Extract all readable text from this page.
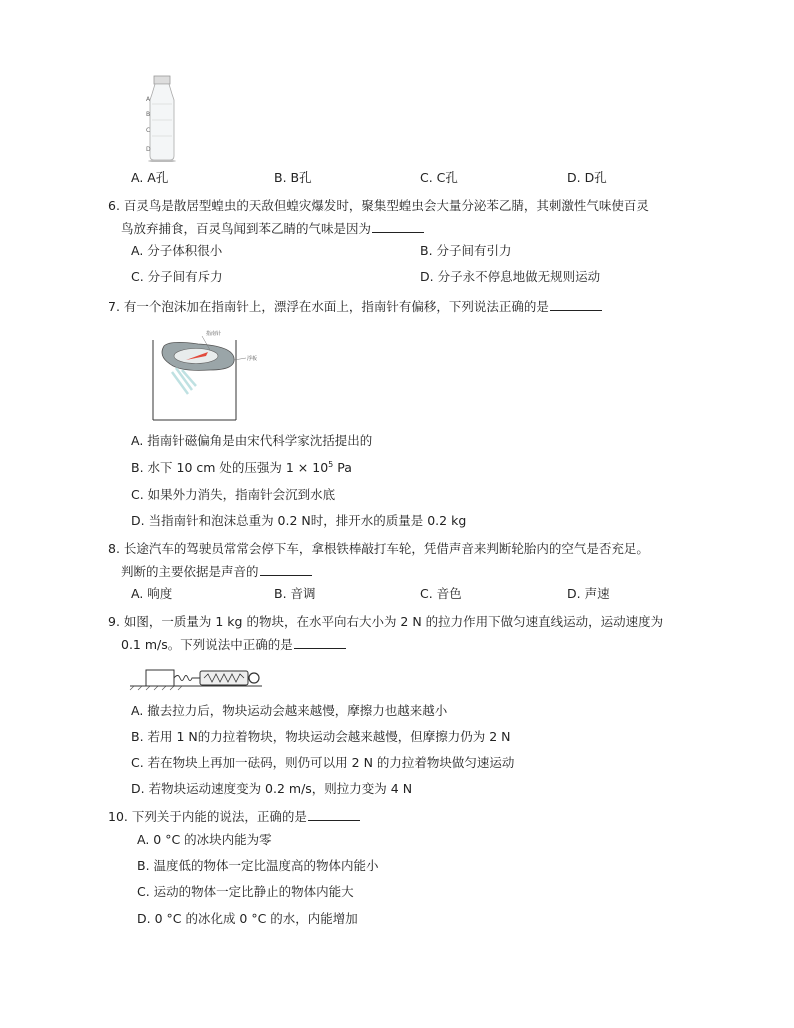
A
B
C
D
A. A孔	B. B孔	C. C孔	D. D孔
6. 百灵鸟是散居型蝗虫的天敌但蝗灾爆发时，聚集型蝗虫会大量分泌苯乙腈，其刺激性气味使百灵
鸟放弃捕食，百灵鸟闻到苯乙睛的气味是因为
A. 分子体积很小	B. 分子间有引力
C. 分子间有斥力	D. 分子永不停息地做无规则运动
7. 有一个泡沫加在指南针上，漂浮在水面上，指南针有偏移，下列说法正确的是
指南针
浮板
A. 指南针磁偏角是由宋代科学家沈括提出的
B. 水下 10 cm 处的压强为 $1 \times 10^5$ Pa
C. 如果外力消失，指南针会沉到水底
D. 当指南针和泡沫总重为 0.2 N时，排开水的质量是 0.2 kg
8. 长途汽车的驾驶员常常会停下车，拿根铁棒敲打车轮，凭借声音来判断轮胎内的空气是否充足。
判断的主要依据是声音的
A. 响度	B. 音调	C. 音色	D. 声速
9. 如图，一质量为 1 kg 的物块，在水平向右大小为 2 N 的拉力作用下做匀速直线运动，运动速度为
0.1 m/s。下列说法中正确的是
A. 撤去拉力后，物块运动会越来越慢，摩擦力也越来越小
B. 若用 1 N的力拉着物块，物块运动会越来越慢，但摩擦力仍为 2 N
C. 若在物块上再加一砝码，则仍可以用 2 N 的力拉着物块做匀速运动
D. 若物块运动速度变为 0.2 m/s，则拉力变为 4 N
10. 下列关于内能的说法，正确的是
A. 0 °C 的冰块内能为零
B. 温度低的物体一定比温度高的物体内能小
C. 运动的物体一定比静止的物体内能大
D. 0 °C 的冰化成 0 °C 的水，内能增加
